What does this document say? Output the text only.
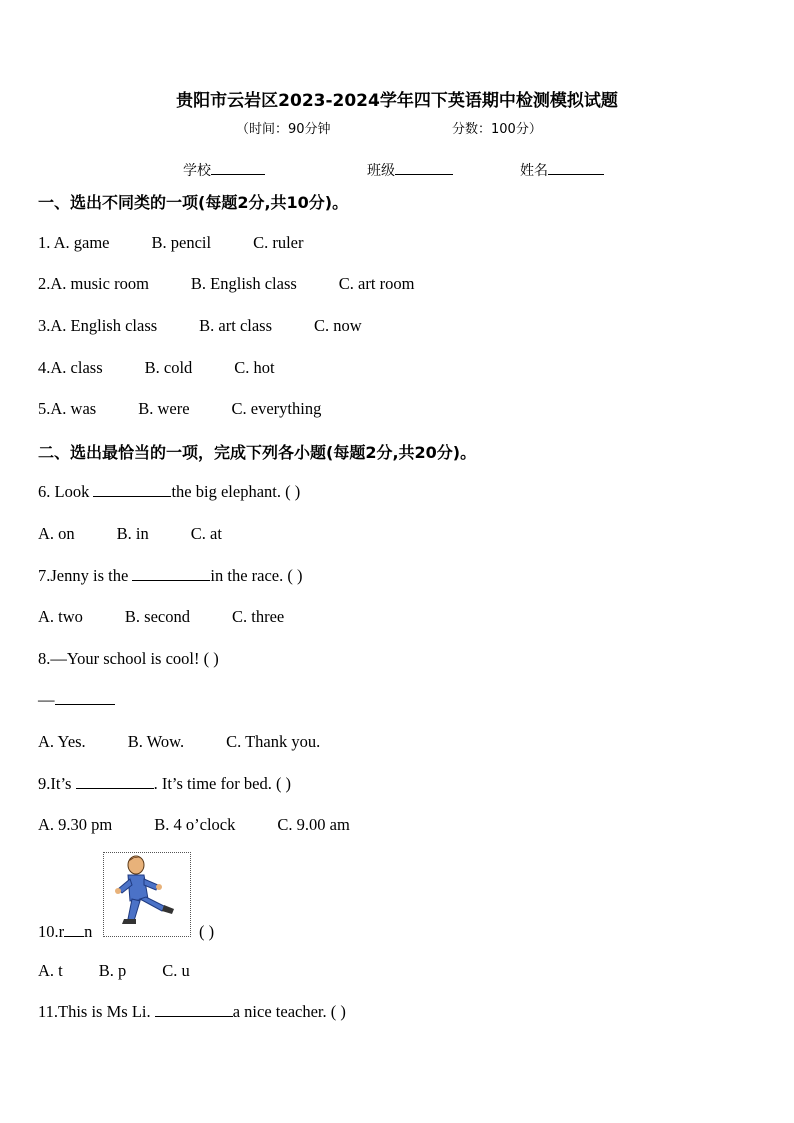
贵阳市云岩区2023-2024学年四下英语期中检测模拟试题
（时间：90分钟	分数：100分）
学校	班级	姓名
一、选出不同类的一项(每题2分,共10分)。
1. A. game	B. pencil	C. ruler
2.A. music room	B. English class	C. art room
3.A. English class	B. art class	C. now
4.A. class	B. cold	C. hot
5.A. was	B. were	C. everything
二、选出最恰当的一项，完成下列各小题(每题2分,共20分)。
6. Look	the big elephant. ( )
A. on	B. in	C. at
7.Jenny is the	in the race. ( )
A. two	B. second	C. three
8.—Your school is cool! ( )
—
A. Yes.	B. Wow.	C. Thank you.
9.It’s	. It’s time for bed. ( )
A. 9.30 pm	B. 4 o’clock	C. 9.00 am
10.r n	( )
A. t B. p C. u
11.This is Ms Li.	a nice teacher. ( )
